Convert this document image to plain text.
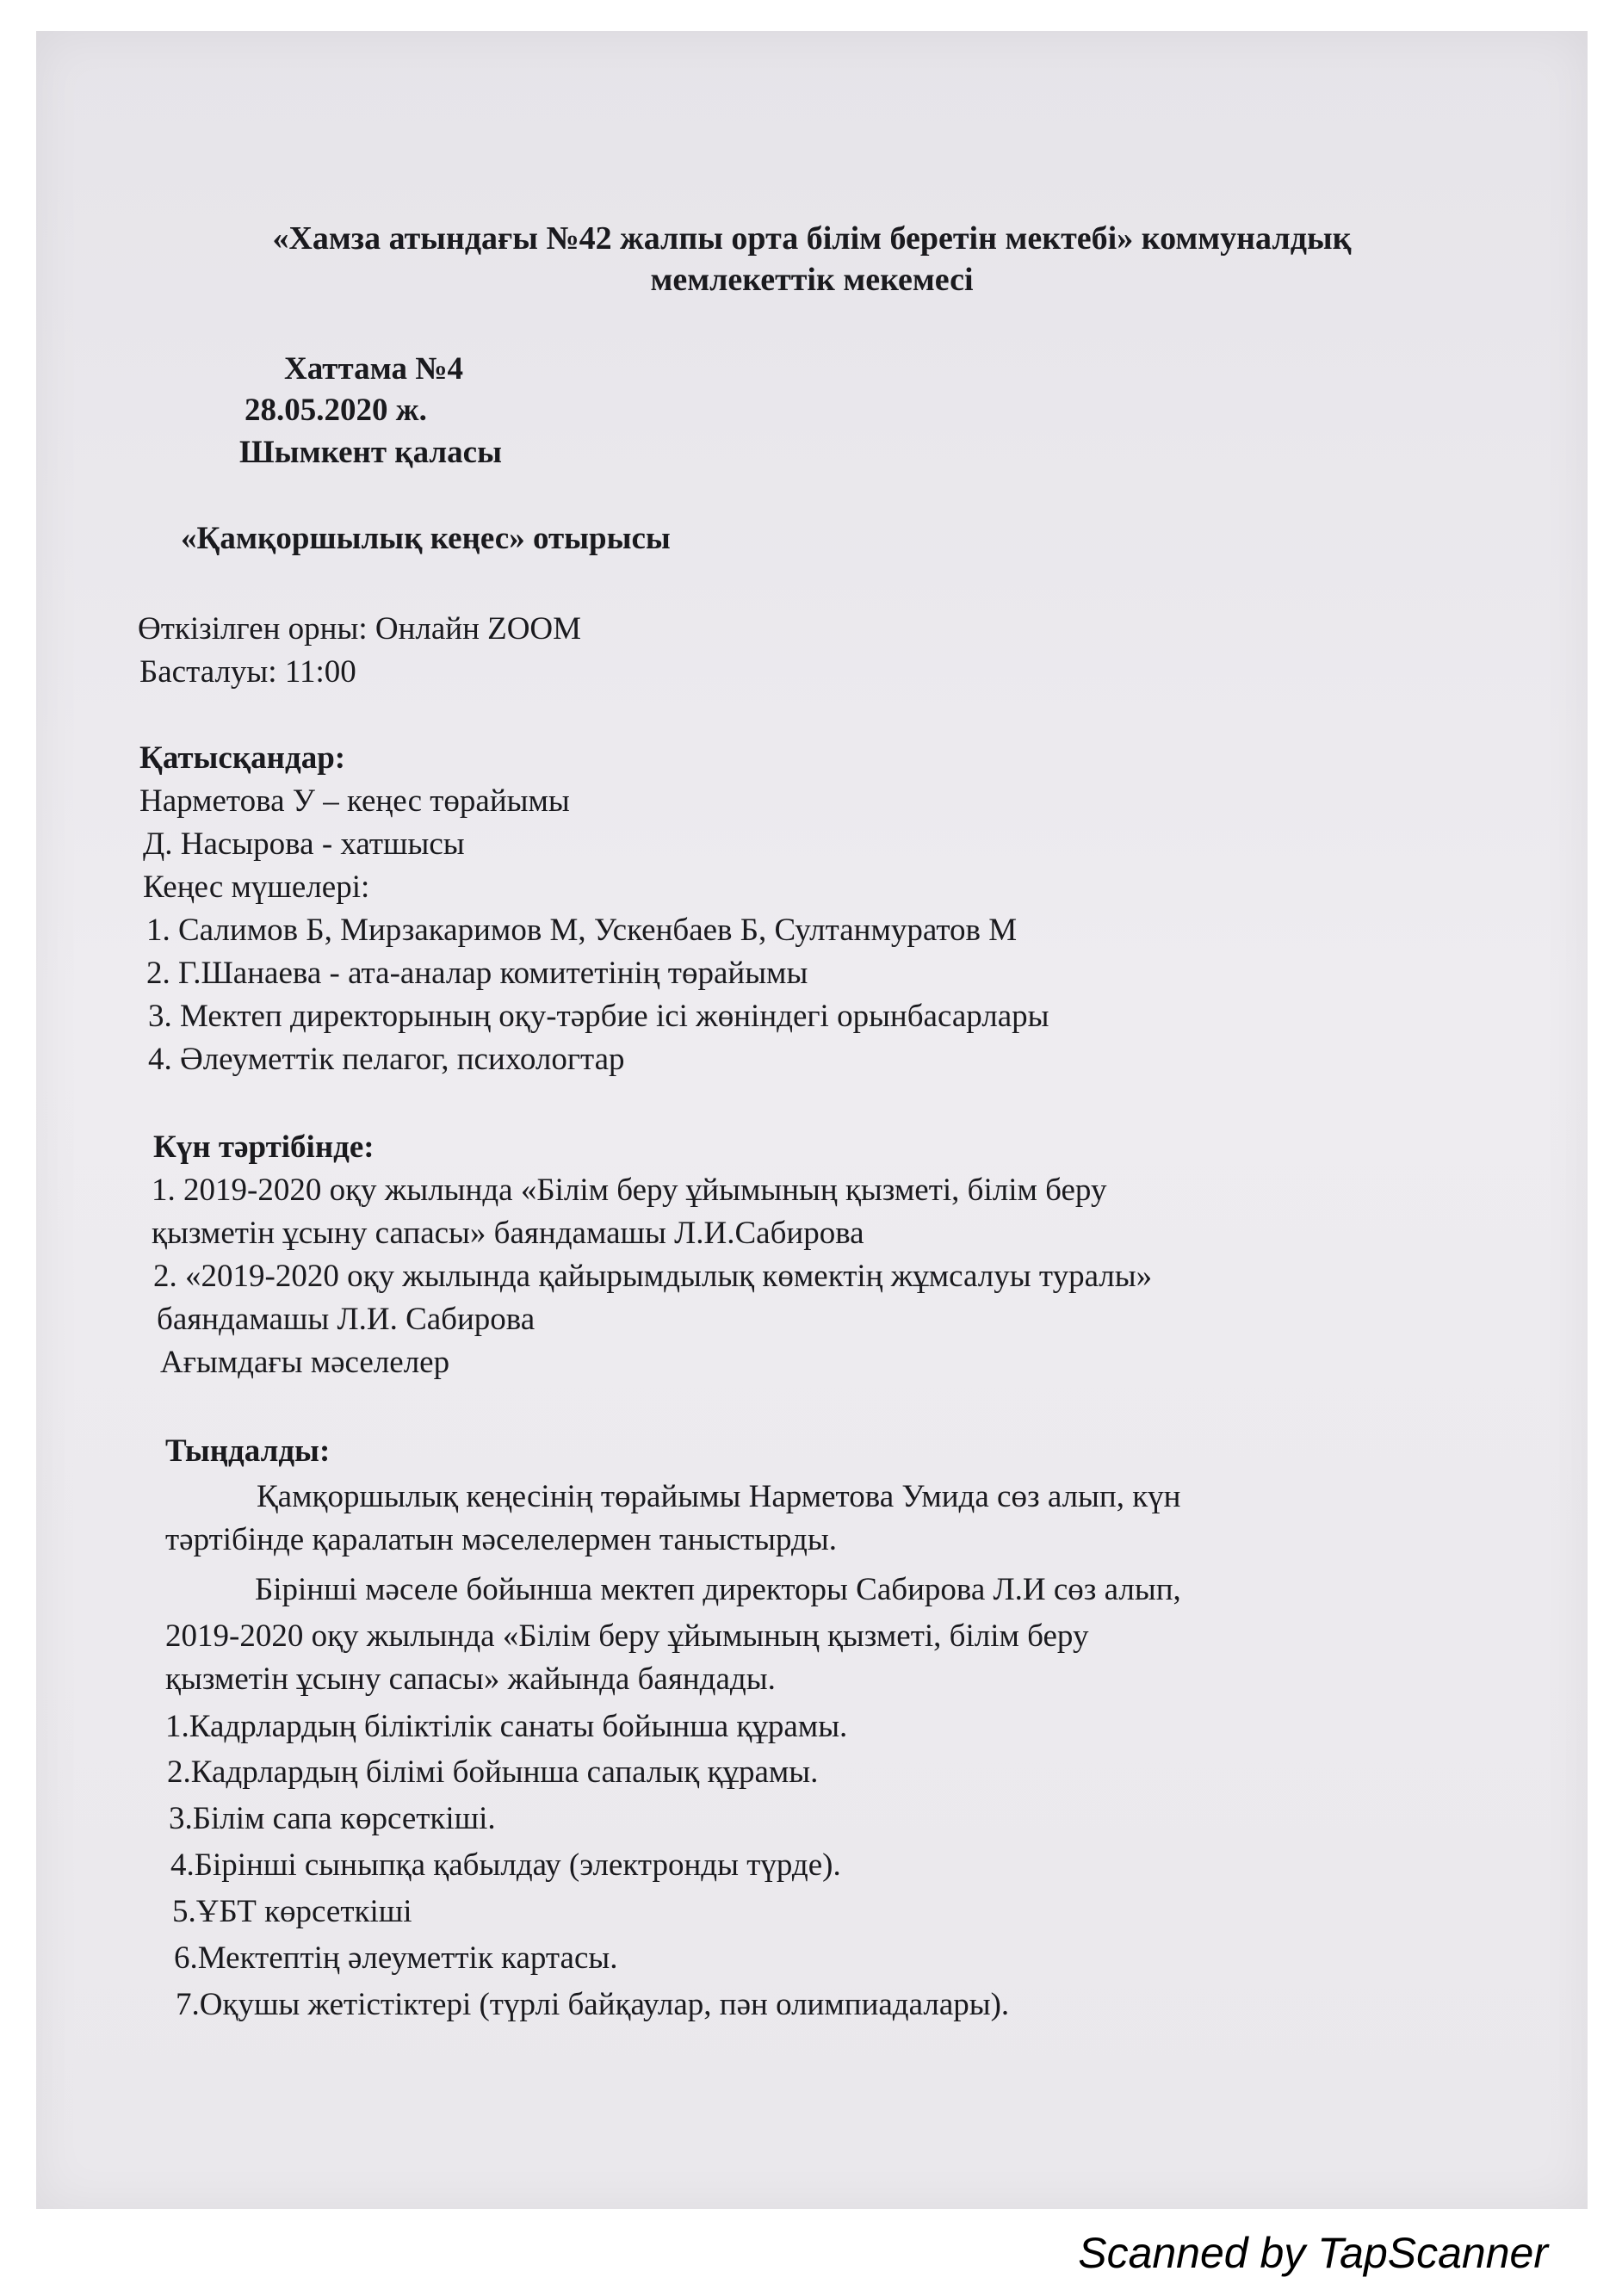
«Хамза атындағы №42 жалпы орта білім беретін мектебі» коммуналдық

мемлекеттік мекемесі

Хаттама №4

28.05.2020 ж.

Шымкент қаласы

«Қамқоршылық кеңес» отырысы

Өткізілген орны: Онлайн ZOOM

Басталуы: 11:00

Қатысқандар:

Нарметова У – кеңес төрайымы

Д. Насырова - хатшысы

Кеңес мүшелері:

1. Салимов Б, Мирзакаримов М, Ускенбаев Б, Султанмуратов М

2. Г.Шанаева - ата-аналар комитетінің төрайымы

3. Мектеп директорының оқу-тәрбие ісі жөніндегі орынбасарлары

4. Әлеуметтік пелагог, психологтар

Күн тәртібінде:

1. 2019-2020 оқу жылында «Білім беру ұйымының қызметі, білім беру

қызметін ұсыну сапасы» баяндамашы Л.И.Сабирова

2. «2019-2020 оқу жылында қайырымдылық көмектің жұмсалуы туралы»

баяндамашы Л.И. Сабирова

Ағымдағы мәселелер

Тыңдалды:

Қамқоршылық кеңесінің төрайымы Нарметова Умида сөз алып, күн

тәртібінде қаралатын мәселелермен таныстырды.

Бірінші мәселе бойынша мектеп директоры Сабирова Л.И сөз алып,

2019-2020 оқу жылында «Білім беру ұйымының қызметі, білім беру

қызметін ұсыну сапасы» жайында баяндады.

1.Кадрлардың біліктілік санаты бойынша құрамы.

2.Кадрлардың білімі бойынша сапалық құрамы.

3.Білім сапа көрсеткіші.

4.Бірінші сыныпқа қабылдау (электронды түрде).

5.ҰБТ көрсеткіші

6.Мектептің әлеуметтік картасы.

7.Оқушы жетістіктері (түрлі байқаулар, пән олимпиадалары).

Scanned by TapScanner
